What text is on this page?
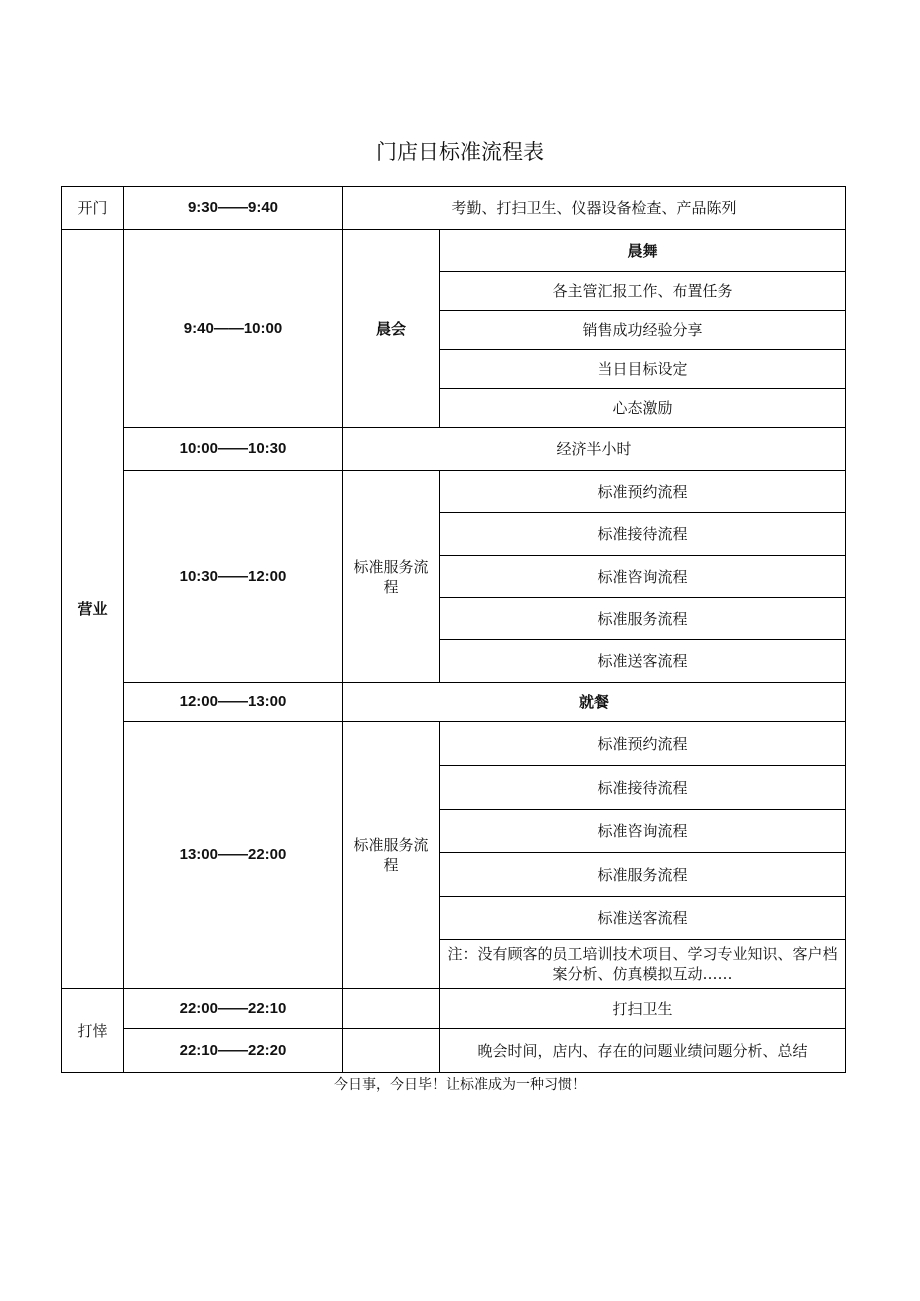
门店日标准流程表
开门	9:30——9:40	考勤、打扫卫生、仪器设备检查、产品陈列	
营业	9:40——10:00	晨会	晨舞
			各主管汇报工作、布置任务
			销售成功经验分享
			当日目标设定
			心态激励
	10:00——10:30	经济半小时	
	10:30——12:00	标准服务流程	标准预约流程
			标准接待流程
			标准咨询流程
			标准服务流程
			标准送客流程
	12:00——13:00	就餐	
	13:00——22:00	标准服务流程	标准预约流程
			标准接待流程
			标准咨询流程
			标准服务流程
			标准送客流程
			注：没有顾客的员工培训技术项目、学习专业知识、客户档案分析、仿真模拟互动……

打悻	22:00——22:10		打扫卫生
	22:10——22:20		晚会时间，店内、存在的问题业绩问题分析、总结
今日事，今日毕！让标准成为一种习惯！
